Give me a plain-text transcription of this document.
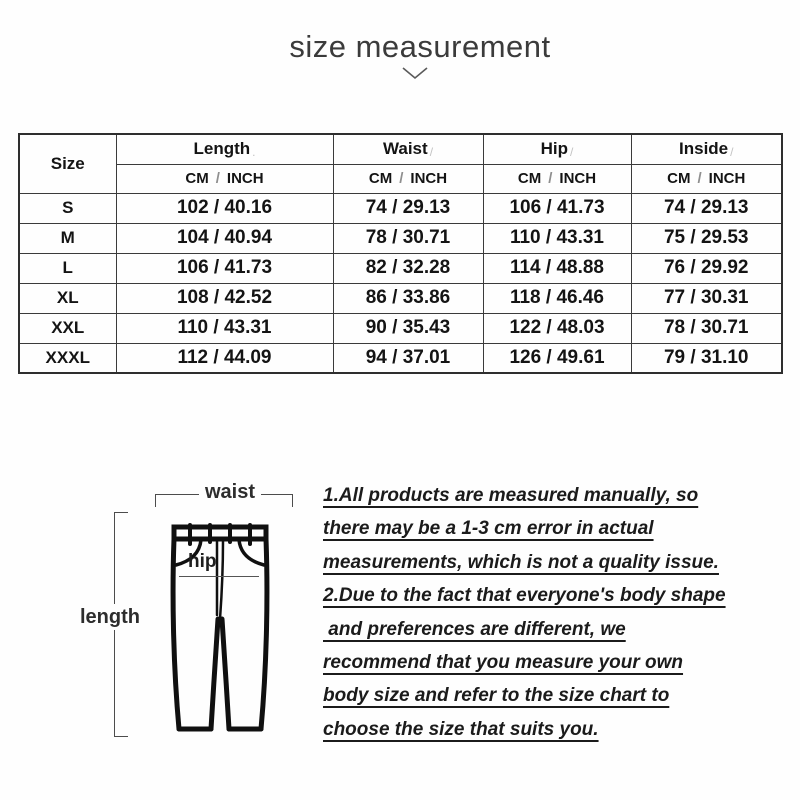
size measurement
Size	Length .	Waist /	Hip /	Inside /
	CM / INCH	CM / INCH	CM / INCH	CM / INCH
S	102 / 40.16	74 / 29.13	106 / 41.73	74 / 29.13
M	104 / 40.94	78 / 30.71	110 / 43.31	75 / 29.53
L	106 / 41.73	82 / 32.28	114 / 48.88	76 / 29.92
XL	108 / 42.52	86 / 33.86	118 / 46.46	77 / 30.31
XXL	110 / 43.31	90 / 35.43	122 / 48.03	78 / 30.71
XXXL	112 / 44.09	94 / 37.01	126 / 49.61	79 / 31.10
waist
length
hip
1.All products are measured manually, so
there may be a 1-3 cm error in actual
measurements, which is not a quality issue.
2.Due to the fact that everyone's body shape
and preferences are different, we
recommend that you measure your own
body size and refer to the size chart to
choose the size that suits you.
